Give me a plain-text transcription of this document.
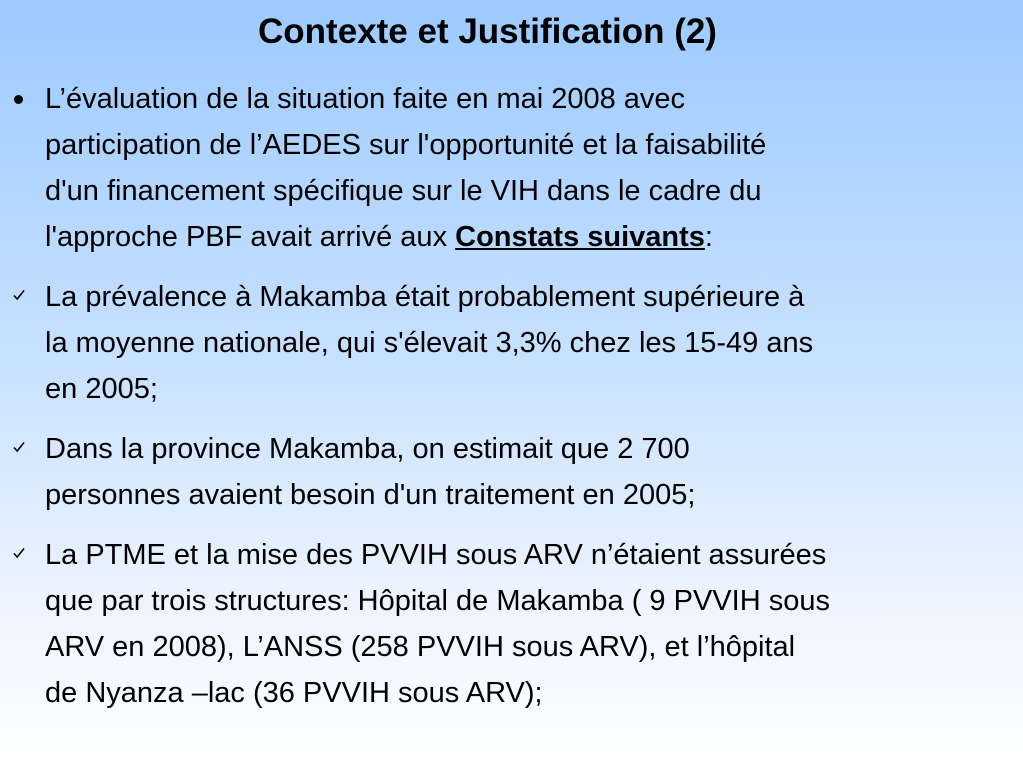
Contexte et Justification (2)
L’évaluation de la situation faite en mai 2008 avec
participation de l’AEDES sur l'opportunité et la faisabilité
d'un financement spécifique sur le VIH dans le cadre du
l'approche PBF avait arrivé aux Constats suivants:
La prévalence à Makamba était probablement supérieure à
la moyenne nationale, qui s'élevait 3,3% chez les 15-49 ans
en 2005;
Dans la province Makamba, on estimait que 2 700
personnes avaient besoin d'un traitement en 2005;
La PTME et la mise des PVVIH sous ARV n’étaient assurées
que par trois structures: Hôpital de Makamba ( 9 PVVIH sous
ARV en 2008), L’ANSS (258 PVVIH sous ARV), et l’hôpital
de Nyanza –lac (36 PVVIH sous ARV);
